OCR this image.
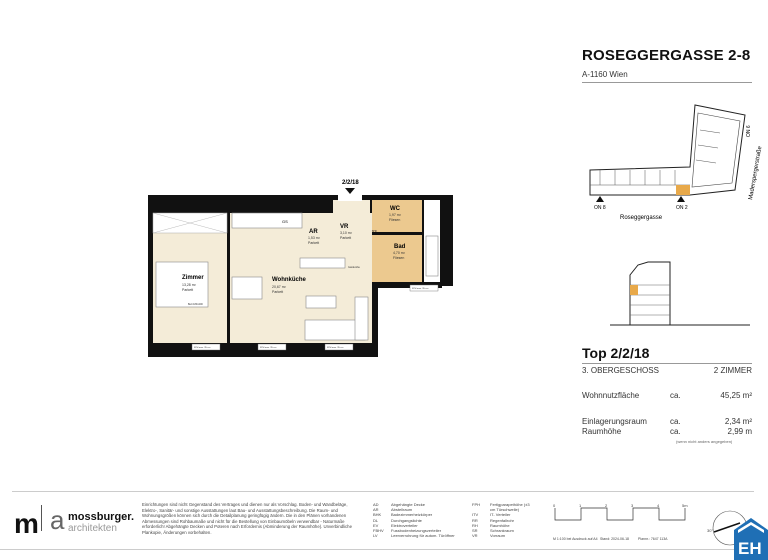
GS
Zimmer	Wohnküche
AR
VR
WC
Bad
13,28 m²
Parkett
20,67 m²
Parkett
1,53 m²
Parkett
3,10 m²
Parkett
1,97 m²
Fliesen
4,70 m²
Fliesen
Bett 180x200
BHK
Garderobe
FPH max. 95 cm	FPH max. 95 cm	FPH max. 95 cm
FPH max. 95 cm
2/2/18
ROSEGGERGASSE 2-8
A-1160 Wien
ON 8	ON 2
ON 6
Roseggergasse
Maderspergerstraße
Top 2/2/18
3. OBERGESCHOSS	2 ZIMMER
Wohnnutzfläche	ca.	45,25 m²
Einlagerungsraum	ca.	2,34 m²
Raumhöhe	ca.	2,99 m
(wenn nicht anders angegeben)
m a mossburger.
architekten
Einrichtungen sind nicht Gegenstand des Vertrages und dienen nur als Vorschlag. Boden- und Wandbeläge, Elektro-, Sanitär- und sonstige Ausstattungen laut Bau- und Ausstattungsbeschreibung. Die Raum- und Wohnungsgrößen können sich durch die Detailplanung geringfügig ändern. Die in den Plänen vorhandenen Abmessungen sind Rohbaumaße und nicht für die Bestellung von Einbaumöbeln verwendbar - Naturmaße erforderlich! Abgehängte Decken und Poteren nach Erfordernis (Abminderung der Raumhöhe). Unverbindliche Plankopie, Änderungen vorbehalten.
AD	Abgehängte Decke
AR	Abstellraum
BHK	Badezimmerheizkörper
DL	Durchgangslichte
EV	Elektroverteiler
FBHV	Fussbodenheizungsverteiler
LV	Leerverrohrung für autom. Türöffner
FPH	Fertigparapethöhe (±3 cm Türschwelle)
ITV	IT- Verteiler
RR	Regenfallrohr
RH	Raumhöhe
SR	Schrankraum
VR	Vorraum
0	1	2	3	4	5m
M 1:100 bei Ausdruck auf A4 Stand: 2024-06-18	Plannr.: 7647 113A
30°
EH
